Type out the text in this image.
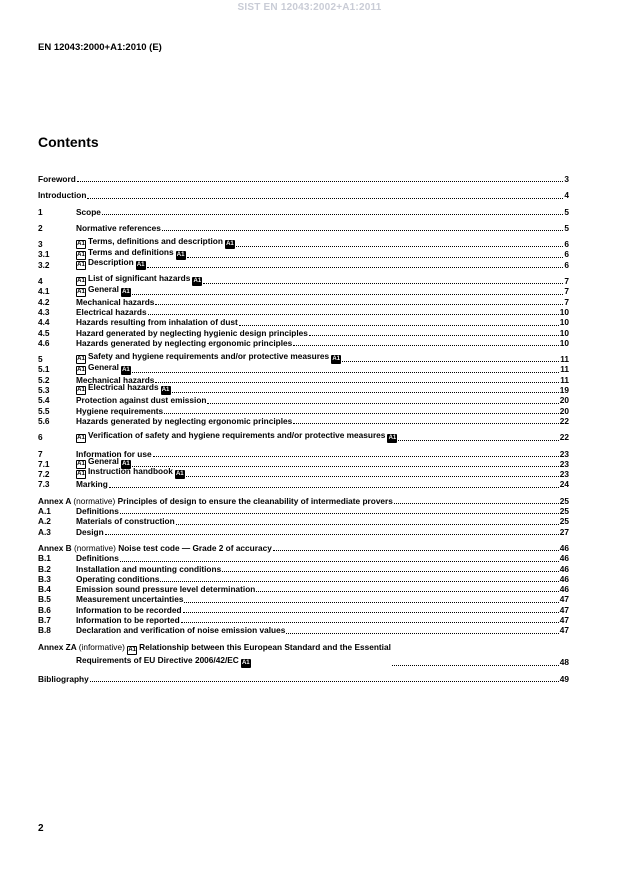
SIST EN 12043:2002+A1:2011
EN 12043:2000+A1:2010 (E)
Contents
Foreword	3
Introduction	4
1	Scope	5
2	Normative references	5
3	A1 Terms, definitions and description A1	6
3.1	A1 Terms and definitions A1	6
3.2	A1 Description A1	6
4	A1 List of significant hazards A1	7
4.1	A1 General A1	7
4.2	Mechanical hazards	7
4.3	Electrical hazards	10
4.4	Hazards resulting from inhalation of dust	10
4.5	Hazard generated by neglecting hygienic design principles	10
4.6	Hazards generated by neglecting ergonomic principles	10
5	A1 Safety and hygiene requirements and/or protective measures A1	11
5.1	A1 General A1	11
5.2	Mechanical hazards	11
5.3	A1 Electrical hazards A1	19
5.4	Protection against dust emission	20
5.5	Hygiene requirements	20
5.6	Hazards generated by neglecting ergonomic principles	22
6	A1 Verification of safety and hygiene requirements and/or protective measures A1	22
7	Information for use	23
7.1	A1 General A1	23
7.2	A1 Instruction handbook A1	23
7.3	Marking	24
Annex A (normative) Principles of design to ensure the cleanability of intermediate provers	25
A.1	Definitions	25
A.2	Materials of construction	25
A.3	Design	27
Annex B (normative) Noise test code — Grade 2 of accuracy	46
B.1	Definitions	46
B.2	Installation and mounting conditions	46
B.3	Operating conditions	46
B.4	Emission sound pressure level determination	46
B.5	Measurement uncertainties	47
B.6	Information to be recorded	47
B.7	Information to be reported	47
B.8	Declaration and verification of noise emission values	47
Annex ZA (informative) A1 Relationship between this European Standard and the Essential
Requirements of EU Directive 2006/42/EC A1	48
Bibliography	49
2
